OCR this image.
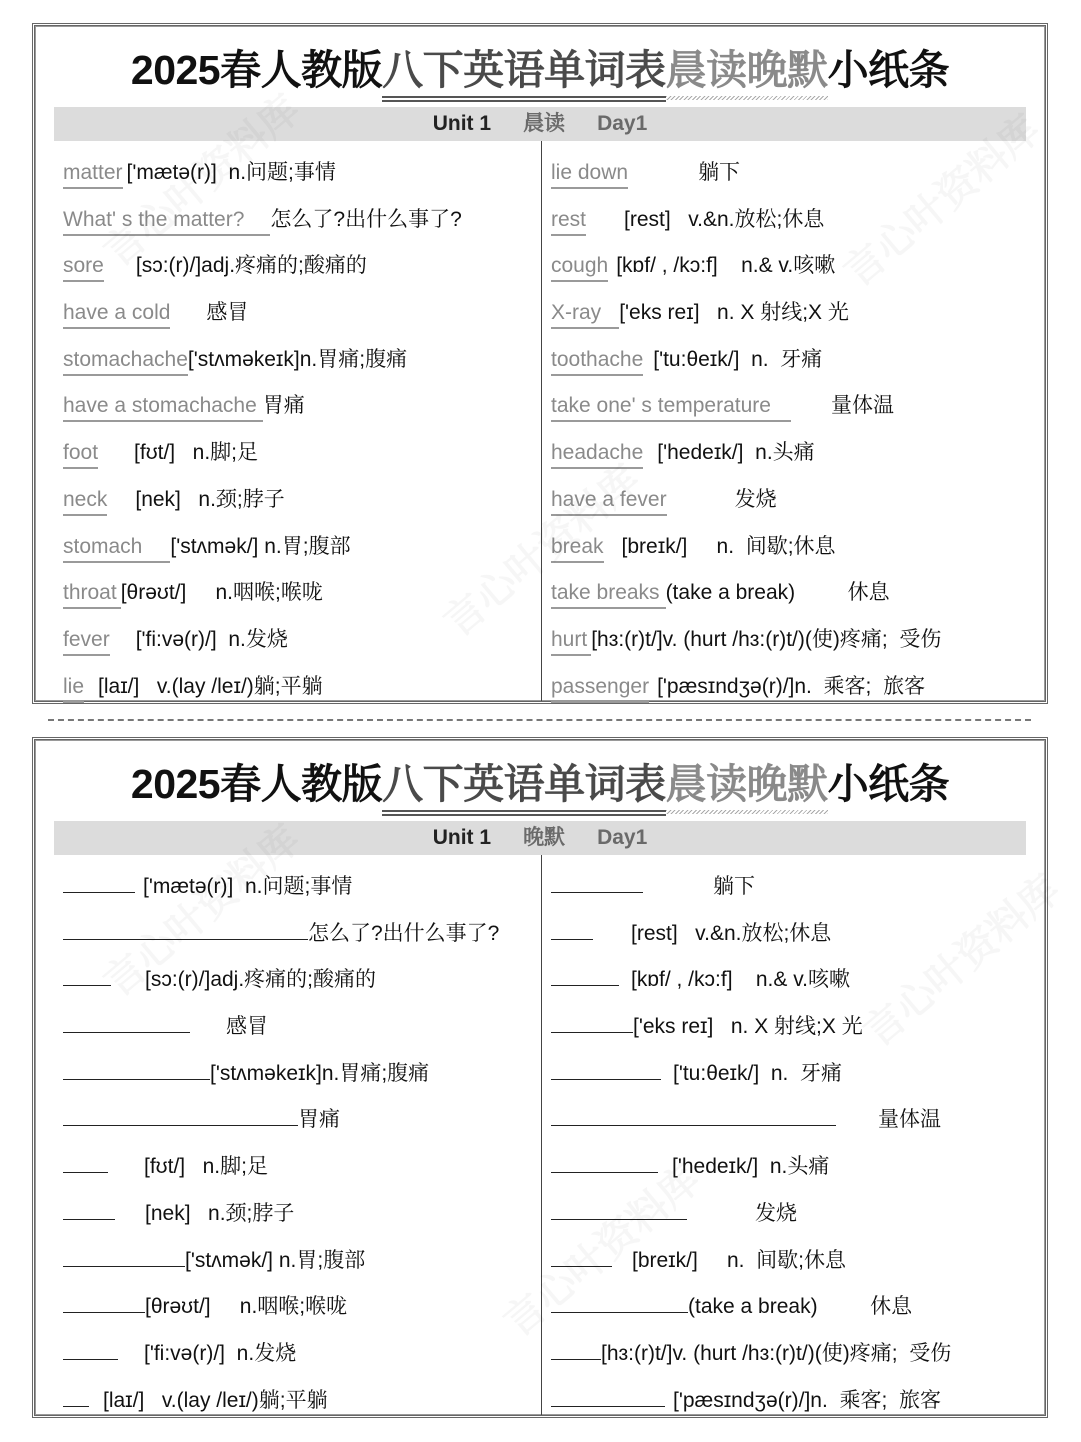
2025春人教版八下英语单词表晨读晚默小纸条
Unit 1 晨读 Day1
matter ['mætə(r)]  n.问题;事情
What' s the matter? 怎么了?出什么事了?
sore [sɔ:(r)/]adj.疼痛的;酸痛的
have a cold 感冒
stomachache['stʌməkeɪk]n.胃痛;腹痛
have a stomachache 胃痛
foot [fʊt/]   n.脚;足
neck [nek]   n.颈;脖子
stomach ['stʌmək/] n.胃;腹部
throat [θrəʊt/]     n.咽喉;喉咙
fever ['fi:və(r)/]  n.发烧
lie [laɪ/]   v.(lay /leɪ/)躺;平躺
lie down	躺下
rest [rest]   v.&n.放松;休息
cough [kɒf/ , /kɔ:f]    n.& v.咳嗽
X-ray ['eks reɪ]   n. X 射线;X 光
toothache ['tu:θeɪk/]  n.  牙痛
take one' s temperature	量体温
headache ['hedeɪk/]  n.头痛
have a fever	发烧
break [breɪk/]     n.  间歇;休息
take breaks (take a break)         休息
hurt [hɜ:(r)t/]v. (hurt /hɜ:(r)t/)(使)疼痛;  受伤
passenger ['pæsɪndʒə(r)/]n.  乘客;  旅客
2025春人教版八下英语单词表晨读晚默小纸条
Unit 1 晚默 Day1
['mætə(r)]  n.问题;事情
怎么了?出什么事了?
[sɔ:(r)/]adj.疼痛的;酸痛的
感冒
['stʌməkeɪk]n.胃痛;腹痛
胃痛
[fʊt/]   n.脚;足
[nek]   n.颈;脖子
['stʌmək/] n.胃;腹部
[θrəʊt/]     n.咽喉;喉咙
['fi:və(r)/]  n.发烧
[laɪ/]   v.(lay /leɪ/)躺;平躺
躺下
[rest]   v.&n.放松;休息
[kɒf/ , /kɔ:f]    n.& v.咳嗽
['eks reɪ]   n. X 射线;X 光
['tu:θeɪk/]  n.  牙痛
量体温
['hedeɪk/]  n.头痛
发烧
[breɪk/]     n.  间歇;休息
(take a break)         休息
[hɜ:(r)t/]v. (hurt /hɜ:(r)t/)(使)疼痛;  受伤
['pæsɪndʒə(r)/]n.  乘客;  旅客
